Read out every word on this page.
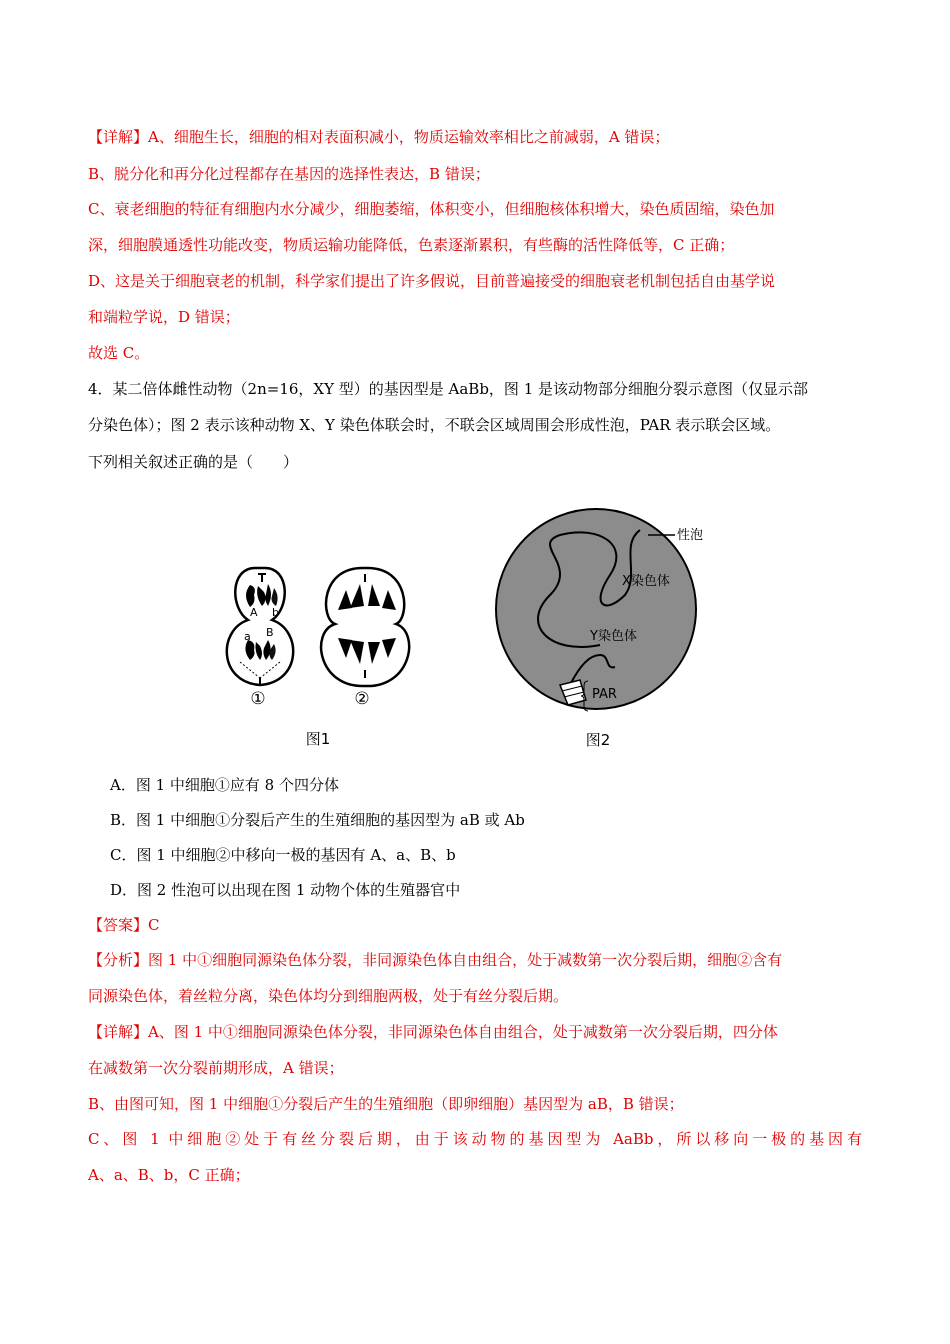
【详解】A、细胞生长，细胞的相对表面积减小，物质运输效率相比之前减弱，A 错误；
B、脱分化和再分化过程都存在基因的选择性表达，B 错误；
C、衰老细胞的特征有细胞内水分减少，细胞萎缩，体积变小，但细胞核体积增大，染色质固缩，染色加
深，细胞膜通透性功能改变，物质运输功能降低，色素逐渐累积，有些酶的活性降低等，C 正确；
D、这是关于细胞衰老的机制，科学家们提出了许多假说，目前普遍接受的细胞衰老机制包括自由基学说
和端粒学说，D 错误；
故选 C。
4．某二倍体雌性动物（2n=16，XY 型）的基因型是 AaBb，图 1 是该动物部分细胞分裂示意图（仅显示部
分染色体）；图 2 表示该种动物 X、Y 染色体联会时，不联会区域周围会形成性泡，PAR 表示联会区域。
下列相关叙述正确的是（　　）
A b
a B
①	②
图1
性泡
X染色体
Y染色体
PAR
图2
A．图 1 中细胞①应有 8 个四分体
B．图 1 中细胞①分裂后产生的生殖细胞的基因型为 aB 或 Ab
C．图 1 中细胞②中移向一极的基因有 A、a、B、b
D．图 2 性泡可以出现在图 1 动物个体的生殖器官中
【答案】C
【分析】图 1 中①细胞同源染色体分裂，非同源染色体自由组合，处于减数第一次分裂后期，细胞②含有
同源染色体，着丝粒分离，染色体均分到细胞两极，处于有丝分裂后期。
【详解】A、图 1 中①细胞同源染色体分裂，非同源染色体自由组合，处于减数第一次分裂后期，四分体
在减数第一次分裂前期形成，A 错误；
B、由图可知，图 1 中细胞①分裂后产生的生殖细胞（即卵细胞）基因型为 aB，B 错误；
C、图 1 中细胞②处于有丝分裂后期，由于该动物的基因型为 AaBb，所以移向一极的基因有
A、a、B、b，C 正确；
